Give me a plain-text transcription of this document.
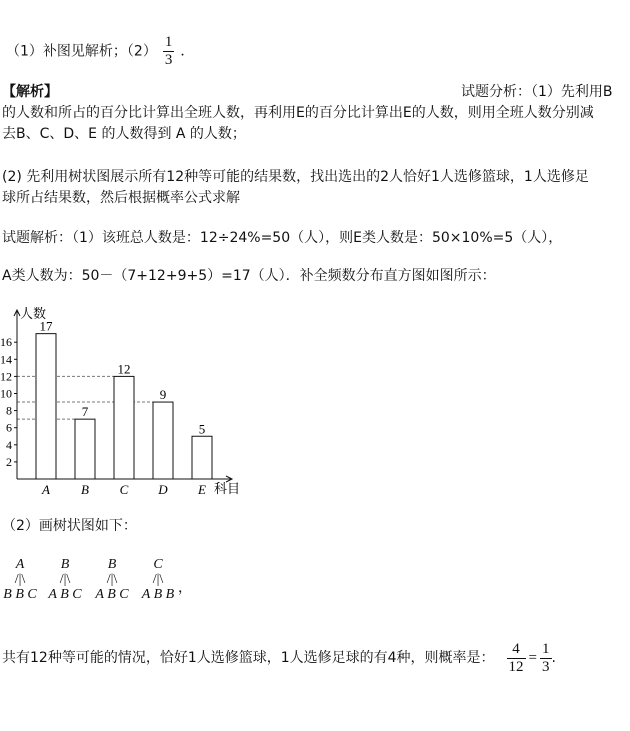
（1）补图见解析；$(2) \frac{1}{3}$ ．
【解析】	试题分析：（1）先利用B
的人数和所占的百分比计算出全班人数，再利用E的百分比计算出E的人数，则用全班人数分别减
去B、C、D、E 的人数得到 A 的人数；
(2) 先利用树状图展示所有12种等可能的结果数，找出选出的2人恰好1人选修篮球，1人选修足
球所占结果数，然后根据概率公式求解
试题解析：（1）该班总人数是：12÷24%=50（人），则E类人数是：50×10%=5（人），
A类人数为：50－（7+12+9+5）=17（人）．补全频数分布直方图如图所示：
2
4
6
8
10
12
14
16
人数
科目
17
A
7
B
12
C
9
D
5
E
（2）画树状图如下：
A
/|\
B B C
B
/|\
A B C
B
/|\
A B C
C
/|\
A B B ，
共有12种等可能的情况，恰好1人选修篮球，1人选修足球的有4种，则概率是： $\frac{4}{12} = \frac{1}{3}$ .
